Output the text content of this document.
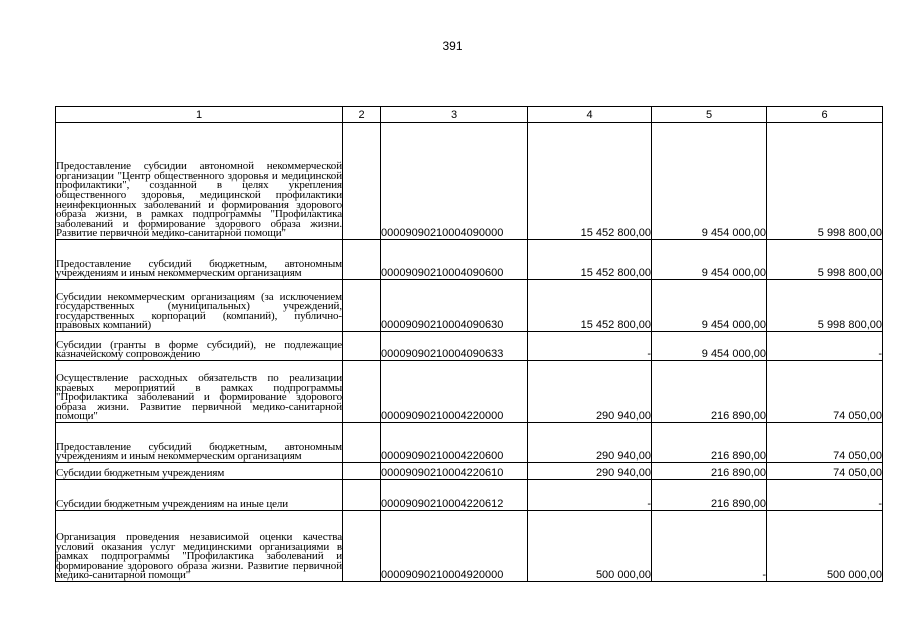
391
1	2	3	4	5	6
Предоставление субсидии автономной некоммерческой организации "Центр общественного здоровья и медицинской профилактики", созданной в целях укрепления общественного здоровья, медицинской профилактики неинфекционных заболеваний и формирования здорового образа жизни, в рамках подпрограммы "Профилактика заболеваний и формирование здорового образа жизни. Развитие первичной медико-санитарной помощи"		00009090210004090000	15 452 800,00	9 454 000,00	5 998 800,00
Предоставление субсидий бюджетным, автономным учреждениям и иным некоммерческим организациям		00009090210004090600	15 452 800,00	9 454 000,00	5 998 800,00
Субсидии некоммерческим организациям (за исключением государственных (муниципальных) учреждений, государственных корпораций (компаний), публично-правовых компаний)		00009090210004090630	15 452 800,00	9 454 000,00	5 998 800,00
Субсидии (гранты в форме субсидий), не подлежащие казначейскому сопровождению		00009090210004090633	-	9 454 000,00	-
Осуществление расходных обязательств по реализации краевых мероприятий в рамках подпрограммы "Профилактика заболеваний и формирование здорового образа жизни. Развитие первичной медико-санитарной помощи"		00009090210004220000	290 940,00	216 890,00	74 050,00
Предоставление субсидий бюджетным, автономным учреждениям и иным некоммерческим организациям		00009090210004220600	290 940,00	216 890,00	74 050,00
Субсидии бюджетным учреждениям		00009090210004220610	290 940,00	216 890,00	74 050,00
Субсидии бюджетным учреждениям на иные цели		00009090210004220612	-	216 890,00	-
Организация проведения независимой оценки качества условий оказания услуг медицинскими организациями в рамках подпрограммы "Профилактика заболеваний и формирование здорового образа жизни. Развитие первичной медико-санитарной помощи"		00009090210004920000	500 000,00	-	500 000,00
